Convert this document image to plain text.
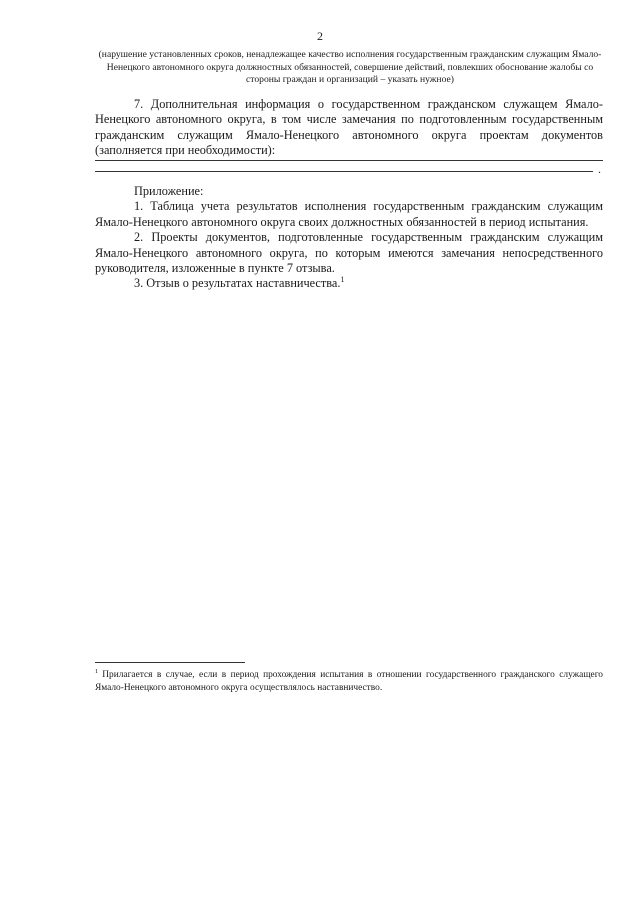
2
(нарушение установленных сроков, ненадлежащее качество исполнения государственным гражданским служащим Ямало-Ненецкого автономного округа должностных обязанностей, совершение действий, повлекших обоснование жалобы со стороны граждан и организаций – указать нужное)
7. Дополнительная информация о государственном гражданском служащем Ямало-Ненецкого автономного округа, в том числе замечания по подготовленным государственным гражданским служащим Ямало-Ненецкого автономного округа проектам документов (заполняется при необходимости):
.

Приложение:

1. Таблица учета результатов исполнения государственным гражданским служащим Ямало-Ненецкого автономного округа своих должностных обязанностей в период испытания.

2. Проекты документов, подготовленные государственным гражданским служащим Ямало-Ненецкого автономного округа, по которым имеются замечания непосредственного руководителя, изложенные в пункте 7 отзыва.

3. Отзыв о результатах наставничества.$^1$

$^1$ Прилагается в случае, если в период прохождения испытания в отношении государственного гражданского служащего Ямало-Ненецкого автономного округа осуществлялось наставничество.
